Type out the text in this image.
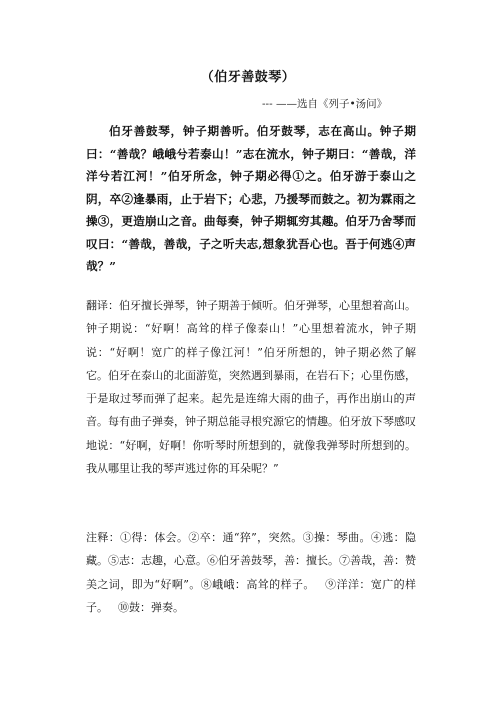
（伯牙善鼓琴）
--- ——选自《列子•汤问》
伯牙善鼓琴，钟子期善听。伯牙鼓琴，志在高山。钟子期曰：“善哉？峨峨兮若泰山！”志在流水，钟子期曰：“善哉，洋洋兮若江河！”伯牙所念，钟子期必得①之。伯牙游于泰山之阴，卒②逢暴雨，止于岩下；心悲，乃援琴而鼓之。初为霖雨之操③，更造崩山之音。曲每奏，钟子期辄穷其趣。伯牙乃舍琴而叹曰：“善哉，善哉，子之听夫志,想象犹吾心也。吾于何逃④声哉？”
翻译：伯牙擅长弹琴，钟子期善于倾听。伯牙弹琴，心里想着高山。钟子期说：“好啊！高耸的样子像泰山！”心里想着流水，钟子期说：“好啊！宽广的样子像江河！”伯牙所想的，钟子期必然了解它。伯牙在泰山的北面游览，突然遇到暴雨，在岩石下；心里伤感，于是取过琴而弹了起来。起先是连绵大雨的曲子，再作出崩山的声音。每有曲子弹奏，钟子期总能寻根究源它的情趣。伯牙放下琴感叹地说：“好啊，好啊！你听琴时所想到的，就像我弹琴时所想到的。我从哪里让我的琴声逃过你的耳朵呢？”
注释：①得：体会。②卒：通“猝”，突然。③操：琴曲。④逃：隐藏。⑤志：志趣，心意。⑥伯牙善鼓琴，善：擅长。⑦善哉，善：赞美之词，即为“好啊”。⑧峨峨：高耸的样子。 ⑨洋洋：宽广的样子。 ⑩鼓：弹奏。
